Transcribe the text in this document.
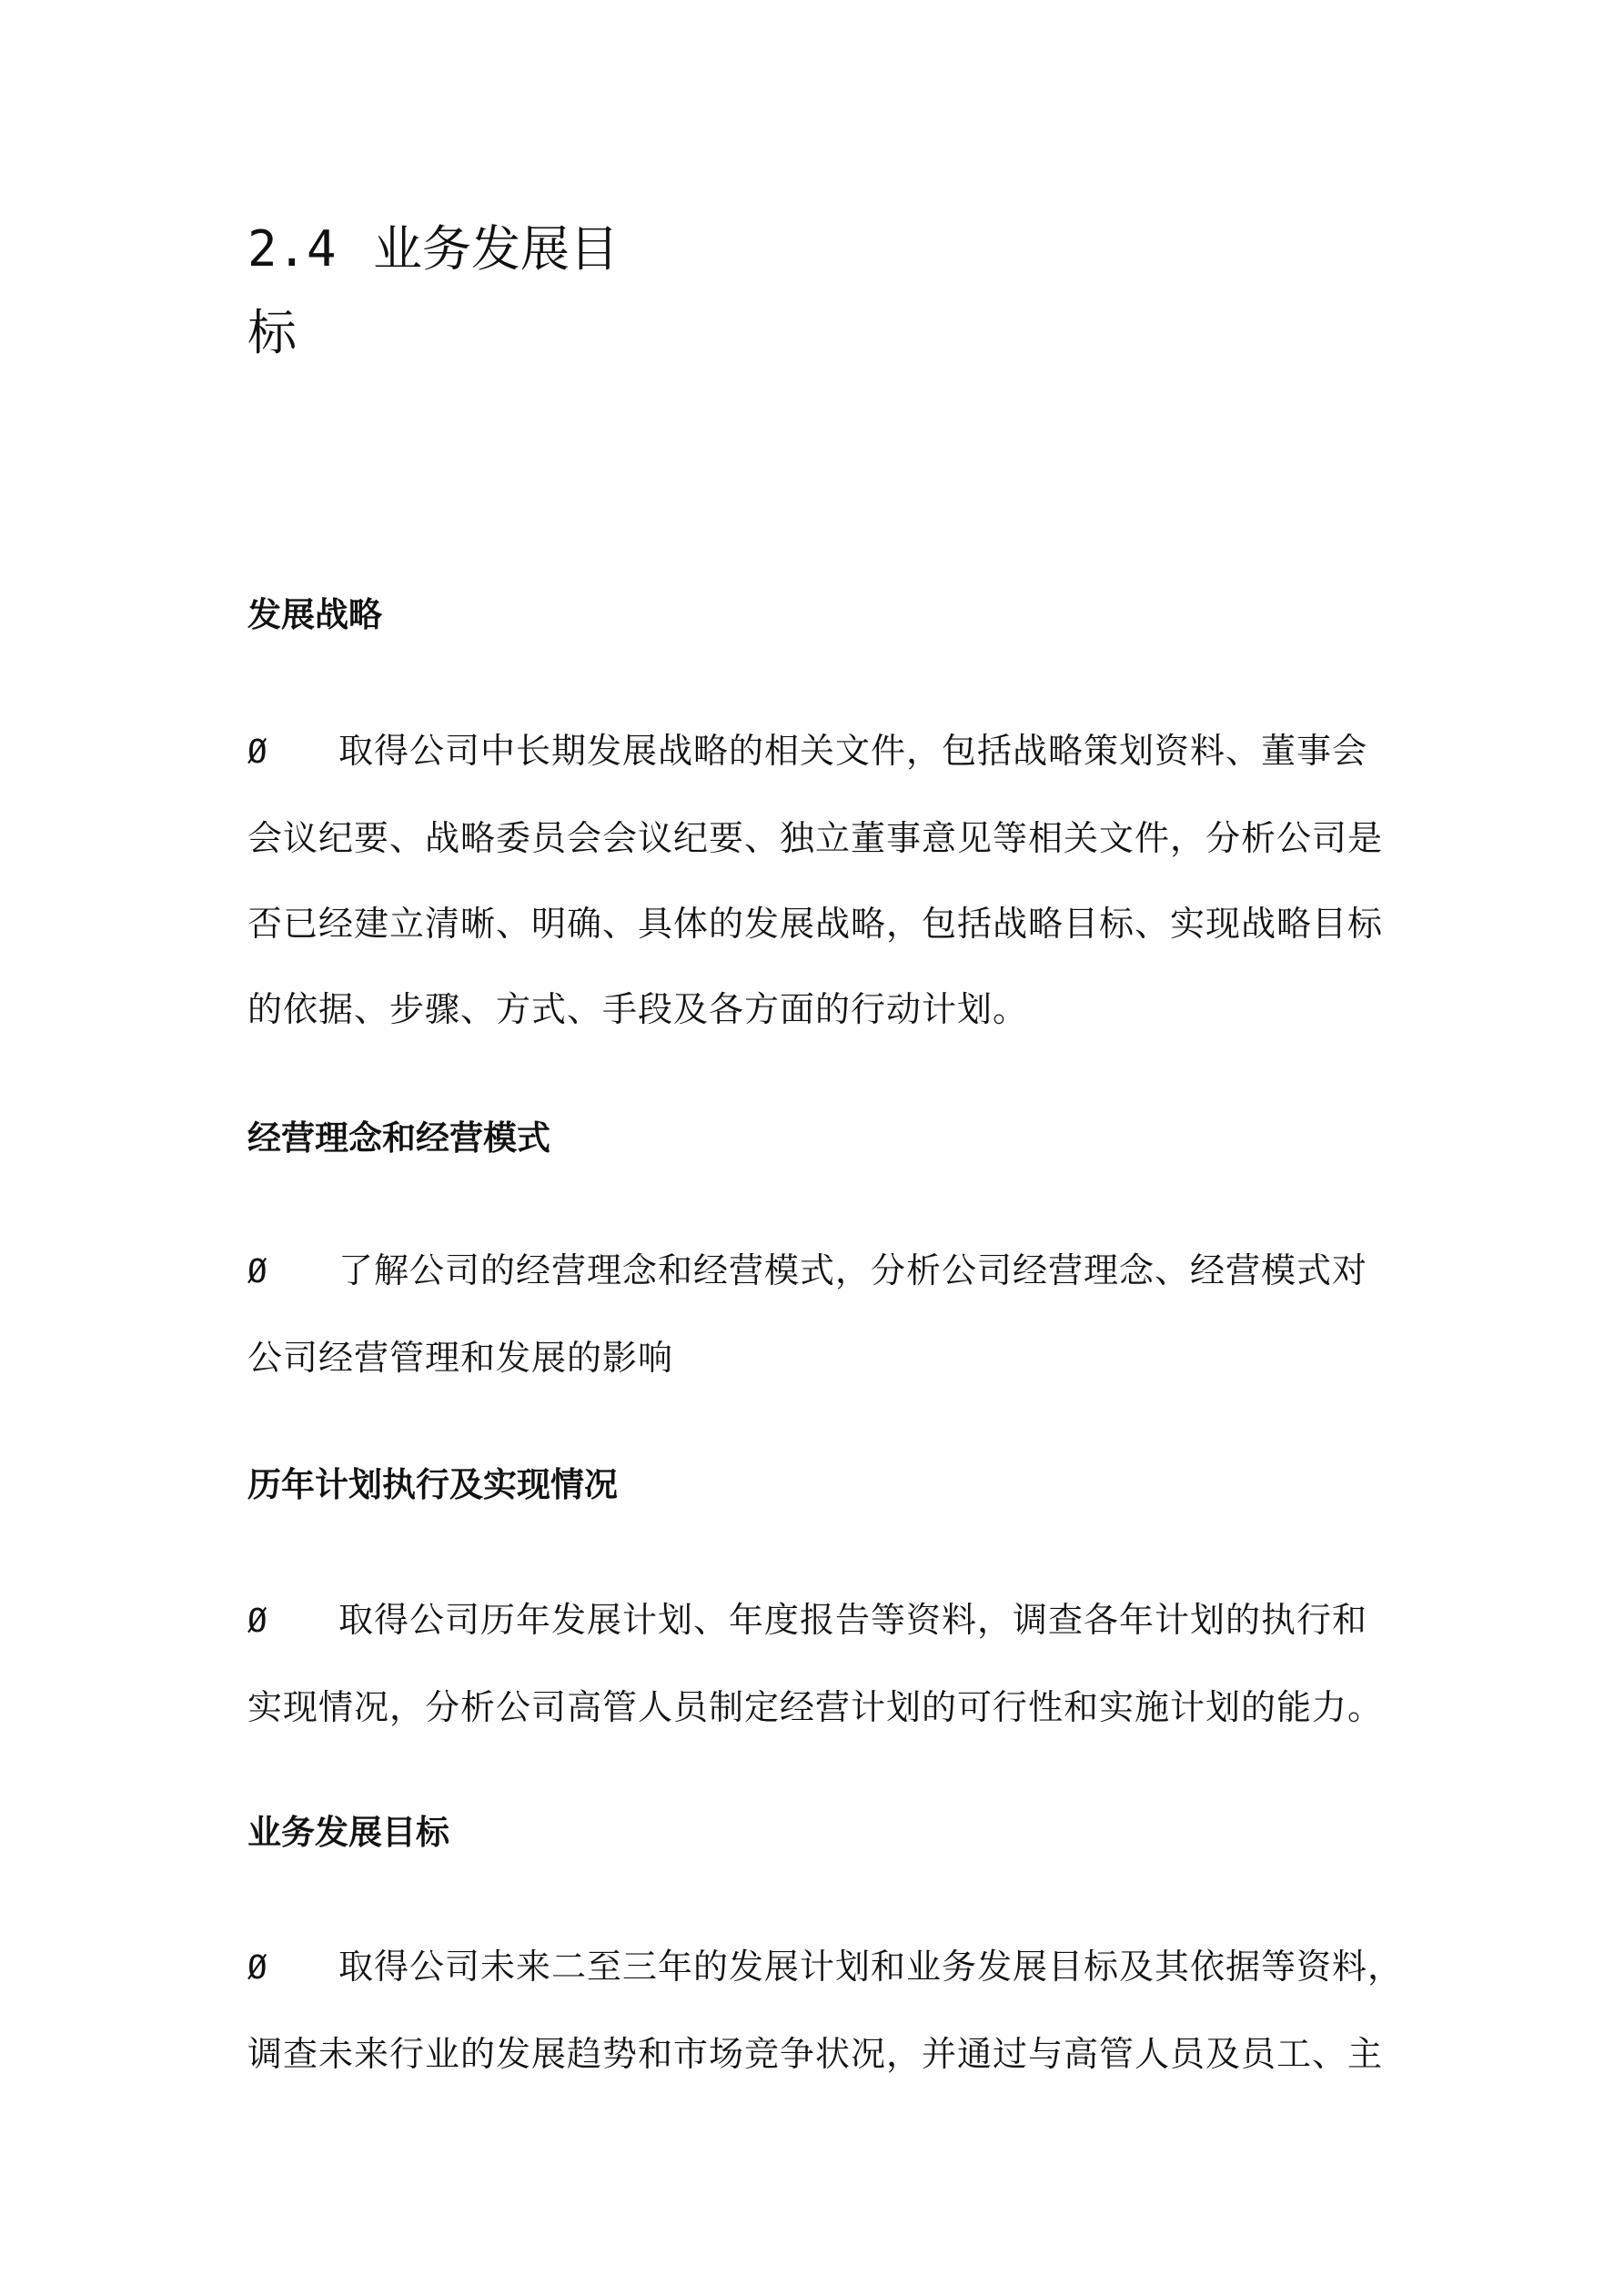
2.4 业务发展目
标
发展战略

Ø 取得公司中长期发展战略的相关文件，包括战略策划资料、董事会
会议纪要、战略委员会会议纪要、独立董事意见等相关文件，分析公司是
否已经建立清晰、明确、具体的发展战略，包括战略目标、实现战略目标
的依据、步骤、方式、手段及各方面的行动计划。

经营理念和经营模式

Ø 了解公司的经营理念和经营模式，分析公司经营理念、经营模式对
公司经营管理和发展的影响

历年计划执行及实现情况

Ø 取得公司历年发展计划、年度报告等资料，调查各年计划的执行和
实现情况，分析公司高管人员制定经营计划的可行性和实施计划的能力。

业务发展目标

Ø 取得公司未来二至三年的发展计划和业务发展目标及其依据等资料，
调查未来行业的发展趋势和市场竞争状况，并通过与高管人员及员工、主
